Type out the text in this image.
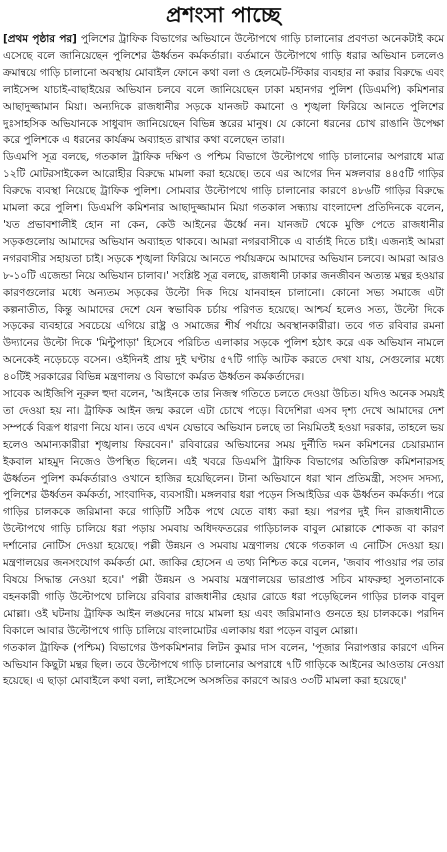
প্রশংসা পাচ্ছে

[প্রথম পৃষ্ঠার পর] পুলিশের ট্রাফিক বিভাগের অভিযানে উল্টোপথে গাড়ি চালানোর প্রবণতা অনেকটাই কমে এসেছে বলে জানিয়েছেন পুলিশের ঊর্ধ্বতন কর্মকর্তারা। বর্তমানে উল্টোপথে গাড়ি ধরার অভিযান চললেও ক্রমান্বয়ে গাড়ি চালানো অবস্থায় মোবাইল ফোনে কথা বলা ও হেলমেট-স্টিকার ব্যবহার না করার বিরুদ্ধে এবং লাইসেন্স যাচাই-বাছাইয়ের অভিযান চলবে বলে জানিয়েছেন ঢাকা মহানগর পুলিশ (ডিএমপি) কমিশনার আছাদুজ্জামান মিয়া। অন্যদিকে রাজধানীর সড়কে যানজট কমানো ও শৃঙ্খলা ফিরিয়ে আনতে পুলিশের দুঃসাহসিক অভিযানকে সাধুবাদ জানিয়েছেন বিভিন্ন স্তরের মানুষ। যে কোনো ধরনের চোখ রাঙানি উপেক্ষা করে পুলিশকে এ ধরনের কার্যক্রম অব্যাহত রাখার কথা বলেছেন তারা।

ডিএমপি সূত্র বলছে, গতকাল ট্রাফিক দক্ষিণ ও পশ্চিম বিভাগে উল্টোপথে গাড়ি চালানোর অপরাধে মাত্র ১২টি মোটরসাইকেল আরোহীর বিরুদ্ধে মামলা করা হয়েছে। তবে এর আগের দিন মঙ্গলবার ৪৪৫টি গাড়ির বিরুদ্ধে ব্যবস্থা নিয়েছে ট্রাফিক পুলিশ। সোমবার উল্টোপথে গাড়ি চালানোর কারণে ৪৮৬টি গাড়ির বিরুদ্ধে মামলা করে পুলিশ। ডিএমপি কমিশনার আছাদুজ্জামান মিয়া গতকাল সন্ধ্যায় বাংলাদেশ প্রতিদিনকে বলেন, 'যত প্রভাবশালীই হোন না কেন, কেউ আইনের ঊর্ধ্বে নন। যানজট থেকে মুক্তি পেতে রাজধানীর সড়কগুলোয় আমাদের অভিযান অব্যাহত থাকবে। আমরা নগরবাসীকে এ বার্তাই দিতে চাই। এজন্যই আমরা নগরবাসীর সহায়তা চাই। সড়কে শৃঙ্খলা ফিরিয়ে আনতে পর্যায়ক্রমে আমাদের অভিযান চলবে। আমরা আরও ৮-১০টি এজেন্ডা নিয়ে অভিযান চালাব।' সংশ্লিষ্ট সূত্র বলছে, রাজধানী ঢাকার জনজীবন অত্যন্ত মন্থর হওয়ার কারণগুলোর মধ্যে অন্যতম সড়কের উল্টো দিক দিয়ে যানবাহন চালানো। কোনো সভ্য সমাজে এটা কল্পনাতীত, কিন্তু আমাদের দেশে যেন স্বভাবিক চর্চায় পরিণত হয়েছে। আশ্চর্য হলেও সত্য, উল্টো দিকে সড়কের ব্যবহারে সবচেয়ে এগিয়ে রাষ্ট্র ও সমাজের শীর্ষ পর্যায়ে অবস্থানকারীরা। তবে গত রবিবার রমনা উদ্যানের উল্টো দিকে 'মিন্টুপাড়া' হিসেবে পরিচিত এলাকার সড়কে পুলিশ হঠাৎ করে এক অভিযান নামলে অনেকেই নড়েচড়ে বসেন। ওইদিনই প্রায় দুই ঘণ্টায় ৫৭টি গাড়ি আটক করতে দেখা যায়, সেগুলোর মধ্যে ৪০টিই সরকারের বিভিন্ন মন্ত্রণালয় ও বিভাগে কর্মরত ঊর্ধ্বতন কর্মকর্তাদের।

সাবেক আইজিপি নূরুল হুদা বলেন, 'আইনকে তার নিজস্ব গতিতে চলতে দেওয়া উচিত। যদিও অনেক সময়ই তা দেওয়া হয় না। ট্রাফিক আইন জন্ম করলে এটা চোখে পড়ে। বিদেশিরা এসব দৃশ্য দেখে আমাদের দেশ সম্পর্কে বিরূপ ধারণা নিয়ে যান। তবে এখন যেভাবে অভিযান চলছে তা নিয়মিতই হওয়া দরকার, তাহলে ভয় হলেও অমান্যকারীরা শৃঙ্খলায় ফিরবেন।' রবিবারের অভিযানের সময় দুর্নীতি দমন কমিশনের চেয়ারম্যান ইকবাল মাহমুদ নিজেও উপস্থিত ছিলেন। এই খবরে ডিএমপি ট্রাফিক বিভাগের অতিরিক্ত কমিশনারসহ ঊর্ধ্বতন পুলিশ কর্মকর্তারাও ওখানে হাজির হয়েছিলেন। টানা অভিযানে ধরা খান প্রতিমন্ত্রী, সংসদ সদস্য, পুলিশের ঊর্ধ্বতন কর্মকর্তা, সাংবাদিক, ব্যবসায়ী। মঙ্গলবার ধরা পড়েন সিআইডির এক ঊর্ধ্বতন কর্মকর্তা। পরে গাড়ির চালককে জরিমানা করে গাড়িটি সঠিক পথে যেতে বাধ্য করা হয়। পরপর দুই দিন রাজধানীতে উল্টোপথে গাড়ি চালিয়ে ধরা পড়ায় সমবায় অধিদফতরের গাড়িচালক বাবুল মোল্লাকে শোকজ বা কারণ দর্শানোর নোটিস দেওয়া হয়েছে। পল্লী উন্নয়ন ও সমবায় মন্ত্রণালয় থেকে গতকাল এ নোটিস দেওয়া হয়। মন্ত্রণালয়ের জনসংযোগ কর্মকর্তা মো. জাকির হোসেন এ তথ্য নিশ্চিত করে বলেন, 'জবাব পাওয়ার পর তার বিষয়ে সিদ্ধান্ত নেওয়া হবে।' পল্লী উন্নয়ন ও সমবায় মন্ত্রণালয়ের ভারপ্রাপ্ত সচিব মাফরুহা সুলতানাকে বহনকারী গাড়ি উল্টোপথে চালিয়ে রবিবার রাজধানীর হেয়ার রোডে ধরা পড়েছিলেন গাড়ির চালক বাবুল মোল্লা। ওই ঘটনায় ট্রাফিক আইন লঙ্ঘনের দায়ে মামলা হয় এবং জরিমানাও গুনতে হয় চালককে। পরদিন বিকালে আবার উল্টোপথে গাড়ি চালিয়ে বাংলামোটর এলাকায় ধরা পড়েন বাবুল মোল্লা।

গতকাল ট্রাফিক (পশ্চিম) বিভাগের উপকমিশনার লিটন কুমার দাস বলেন, 'পূজার নিরাপত্তার কারণে এদিন অভিযান কিছুটা মন্থর ছিল। তবে উল্টোপথে গাড়ি চালানোর অপরাধে ৭টি গাড়িকে আইনের আওতায় নেওয়া হয়েছে। এ ছাড়া মোবাইলে কথা বলা, লাইসেন্সে অসঙ্গতির কারণে আরও ৩৩টি মামলা করা হয়েছে।'
